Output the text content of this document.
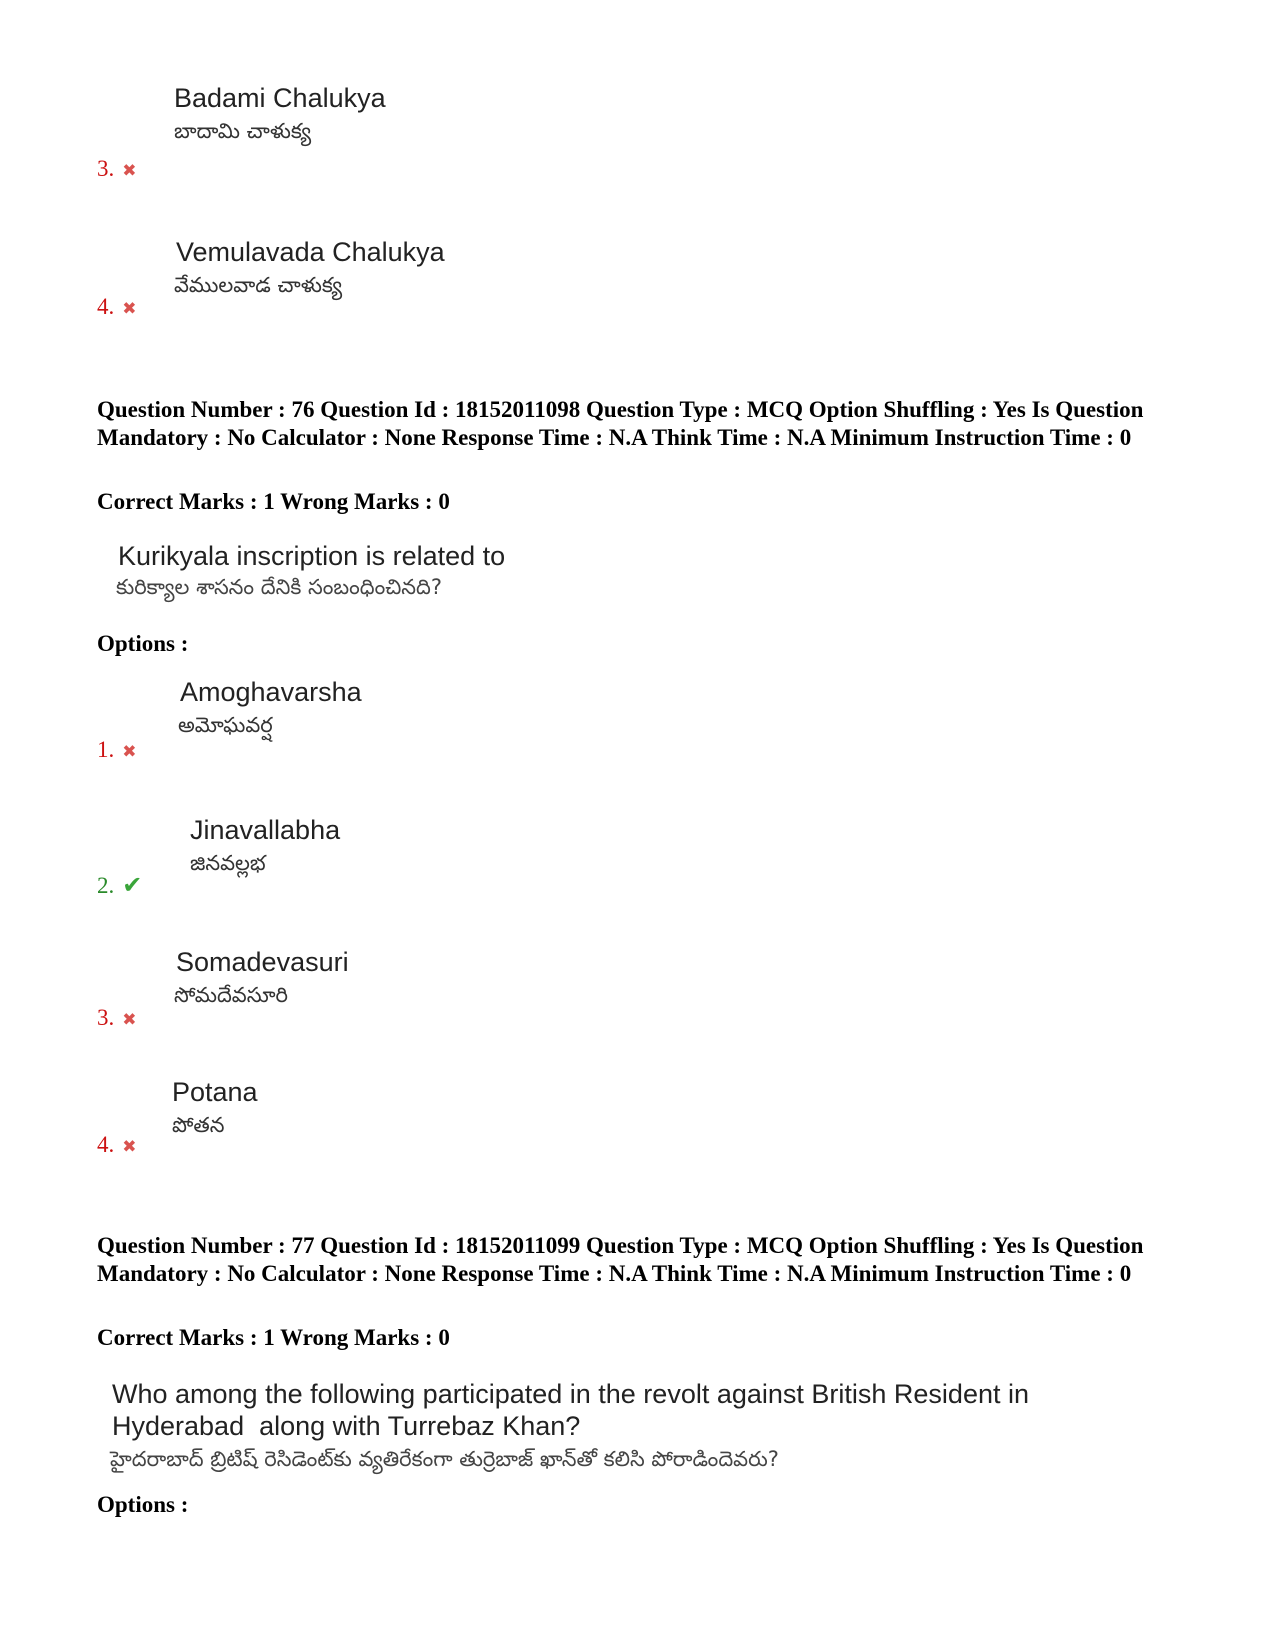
Badami Chalukya
బాదామి చాళుక్య
3. ✖
Vemulavada Chalukya
వేములవాడ చాళుక్య
4. ✖
Question Number : 76 Question Id : 18152011098 Question Type : MCQ Option Shuffling : Yes Is Question Mandatory : No Calculator : None Response Time : N.A Think Time : N.A Minimum Instruction Time : 0
Correct Marks : 1 Wrong Marks : 0
Kurikyala inscription is related to
కురిక్యాల శాసనం దేనికి సంబంధించినది?
Options :
Amoghavarsha
అమోఘవర్ష
1. ✖
Jinavallabha
జినవల్లభ
2. ✔
Somadevasuri
సోమదేవసూరి
3. ✖
Potana
పోతన
4. ✖
Question Number : 77 Question Id : 18152011099 Question Type : MCQ Option Shuffling : Yes Is Question Mandatory : No Calculator : None Response Time : N.A Think Time : N.A Minimum Instruction Time : 0
Correct Marks : 1 Wrong Marks : 0
Who among the following participated in the revolt against British Resident in
Hyderabad  along with Turrebaz Khan?
హైదరాబాద్ బ్రిటిష్ రెసిడెంట్‌కు వ్యతిరేకంగా తుర్రెబాజ్ ఖాన్‌తో కలిసి పోరాడిందెవరు?
Options :
